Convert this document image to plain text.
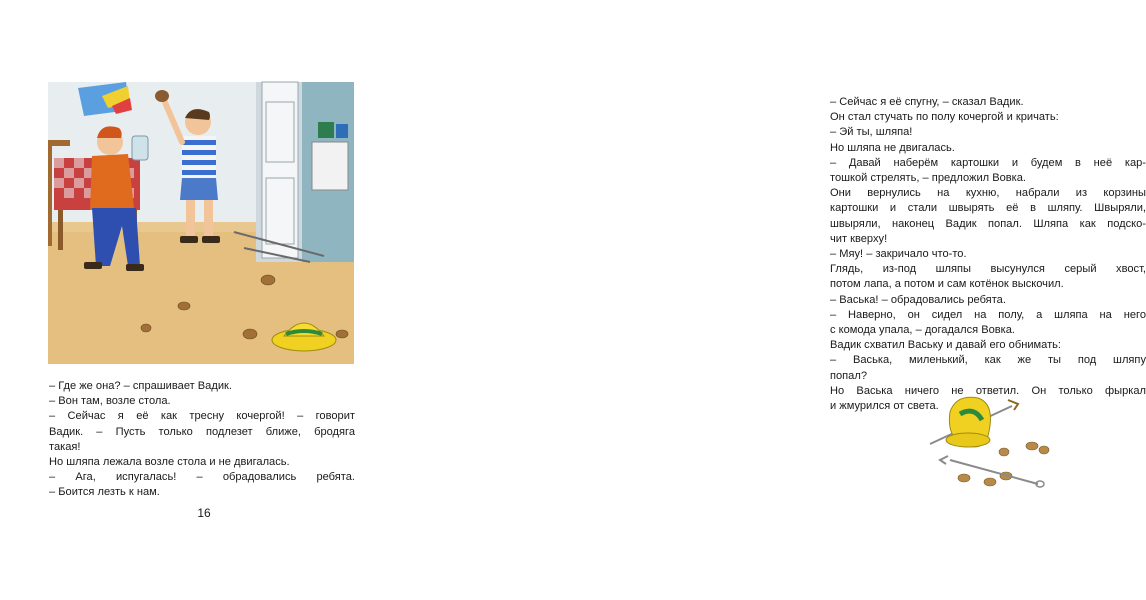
– Где же она? – спрашивает Вадик.
– Вон там, возле стола.
– Сейчас я её как тресну кочергой! – говорит
Вадик. – Пусть только подлезет ближе, бродяга
такая!
Но шляпа лежала возле стола и не двигалась.
– Ага, испугалась! – обрадовались ребята.
– Боится лезть к нам.
16
– Сейчас я её спугну, – сказал Вадик.
Он стал стучать по полу кочергой и кричать:
– Эй ты, шляпа!
Но шляпа не двигалась.
– Давай наберём картошки и будем в неё кар-
тошкой стрелять, – предложил Вовка.
Они вернулись на кухню, набрали из корзины
картошки и стали швырять её в шляпу. Швыряли,
швыряли, наконец Вадик попал. Шляпа как подско-
чит кверху!
– Мяу! – закричало что-то.
Глядь, из-под шляпы высунулся серый хвост,
потом лапа, а потом и сам котёнок выскочил.
– Васька! – обрадовались ребята.
– Наверно, он сидел на полу, а шляпа на него
с комода упала, – догадался Вовка.
Вадик схватил Ваську и давай его обнимать:
– Васька, миленький, как же ты под шляпу
попал?
Но Васька ничего не ответил. Он только фыркал
и жмурился от света.
